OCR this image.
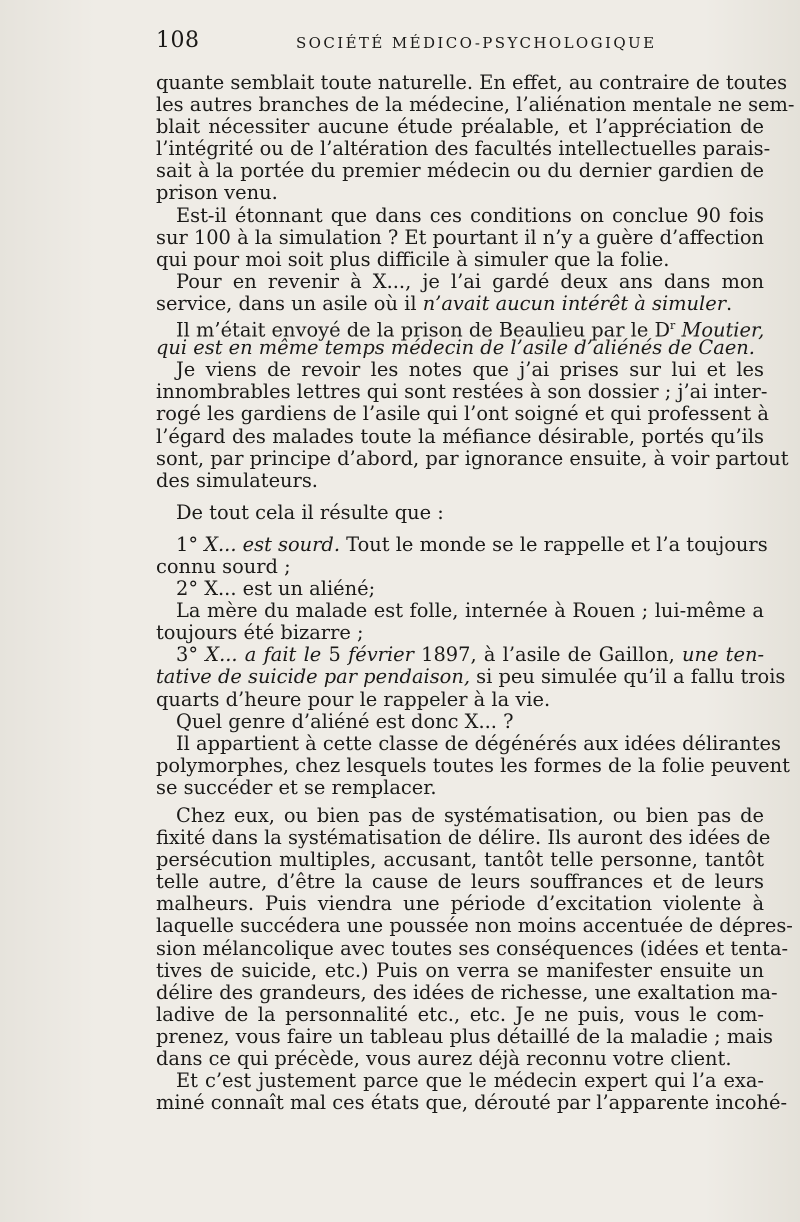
108	SOCIÉTÉ MÉDICO-PSYCHOLOGIQUE
quante semblait toute naturelle. En effet, au contraire de toutes
les autres branches de la médecine, l’aliénation mentale ne sem-
blait nécessiter aucune étude préalable, et l’appréciation de
l’intégrité ou de l’altération des facultés intellectuelles parais-
sait à la portée du premier médecin ou du dernier gardien de
prison venu.
Est-il étonnant que dans ces conditions on conclue 90 fois
sur 100 à la simulation ? Et pourtant il n’y a guère d’affection
qui pour moi soit plus difficile à simuler que la folie.
Pour en revenir à X..., je l’ai gardé deux ans dans mon
service, dans un asile où il n’avait aucun intérêt à simuler.
Il m’était envoyé de la prison de Beaulieu par le $D^r$ Moutier,
qui est en même temps médecin de l’asile d’aliénés de Caen.
Je viens de revoir les notes que j’ai prises sur lui et les
innombrables lettres qui sont restées à son dossier ; j’ai inter-
rogé les gardiens de l’asile qui l’ont soigné et qui professent à
l’égard des malades toute la méfiance désirable, portés qu’ils
sont, par principe d’abord, par ignorance ensuite, à voir partout
des simulateurs.
De tout cela il résulte que :
1° X... est sourd. Tout le monde se le rappelle et l’a toujours
connu sourd ;
2° X... est un aliéné;
La mère du malade est folle, internée à Rouen ; lui-même a
toujours été bizarre ;
3° X... a fait le 5 février 1897, à l’asile de Gaillon, une ten-
tative de suicide par pendaison, si peu simulée qu’il a fallu trois
quarts d’heure pour le rappeler à la vie.
Quel genre d’aliéné est donc X... ?
Il appartient à cette classe de dégénérés aux idées délirantes
polymorphes, chez lesquels toutes les formes de la folie peuvent
se succéder et se remplacer.
Chez eux, ou bien pas de systématisation, ou bien pas de
fixité dans la systématisation de délire. Ils auront des idées de
persécution multiples, accusant, tantôt telle personne, tantôt
telle autre, d’être la cause de leurs souffrances et de leurs
malheurs. Puis viendra une période d’excitation violente à
laquelle succédera une poussée non moins accentuée de dépres-
sion mélancolique avec toutes ses conséquences (idées et tenta-
tives de suicide, etc.) Puis on verra se manifester ensuite un
délire des grandeurs, des idées de richesse, une exaltation ma-
ladive de la personnalité etc., etc. Je ne puis, vous le com-
prenez, vous faire un tableau plus détaillé de la maladie ; mais
dans ce qui précède, vous aurez déjà reconnu votre client.
Et c’est justement parce que le médecin expert qui l’a exa-
miné connaît mal ces états que, dérouté par l’apparente incohé-
